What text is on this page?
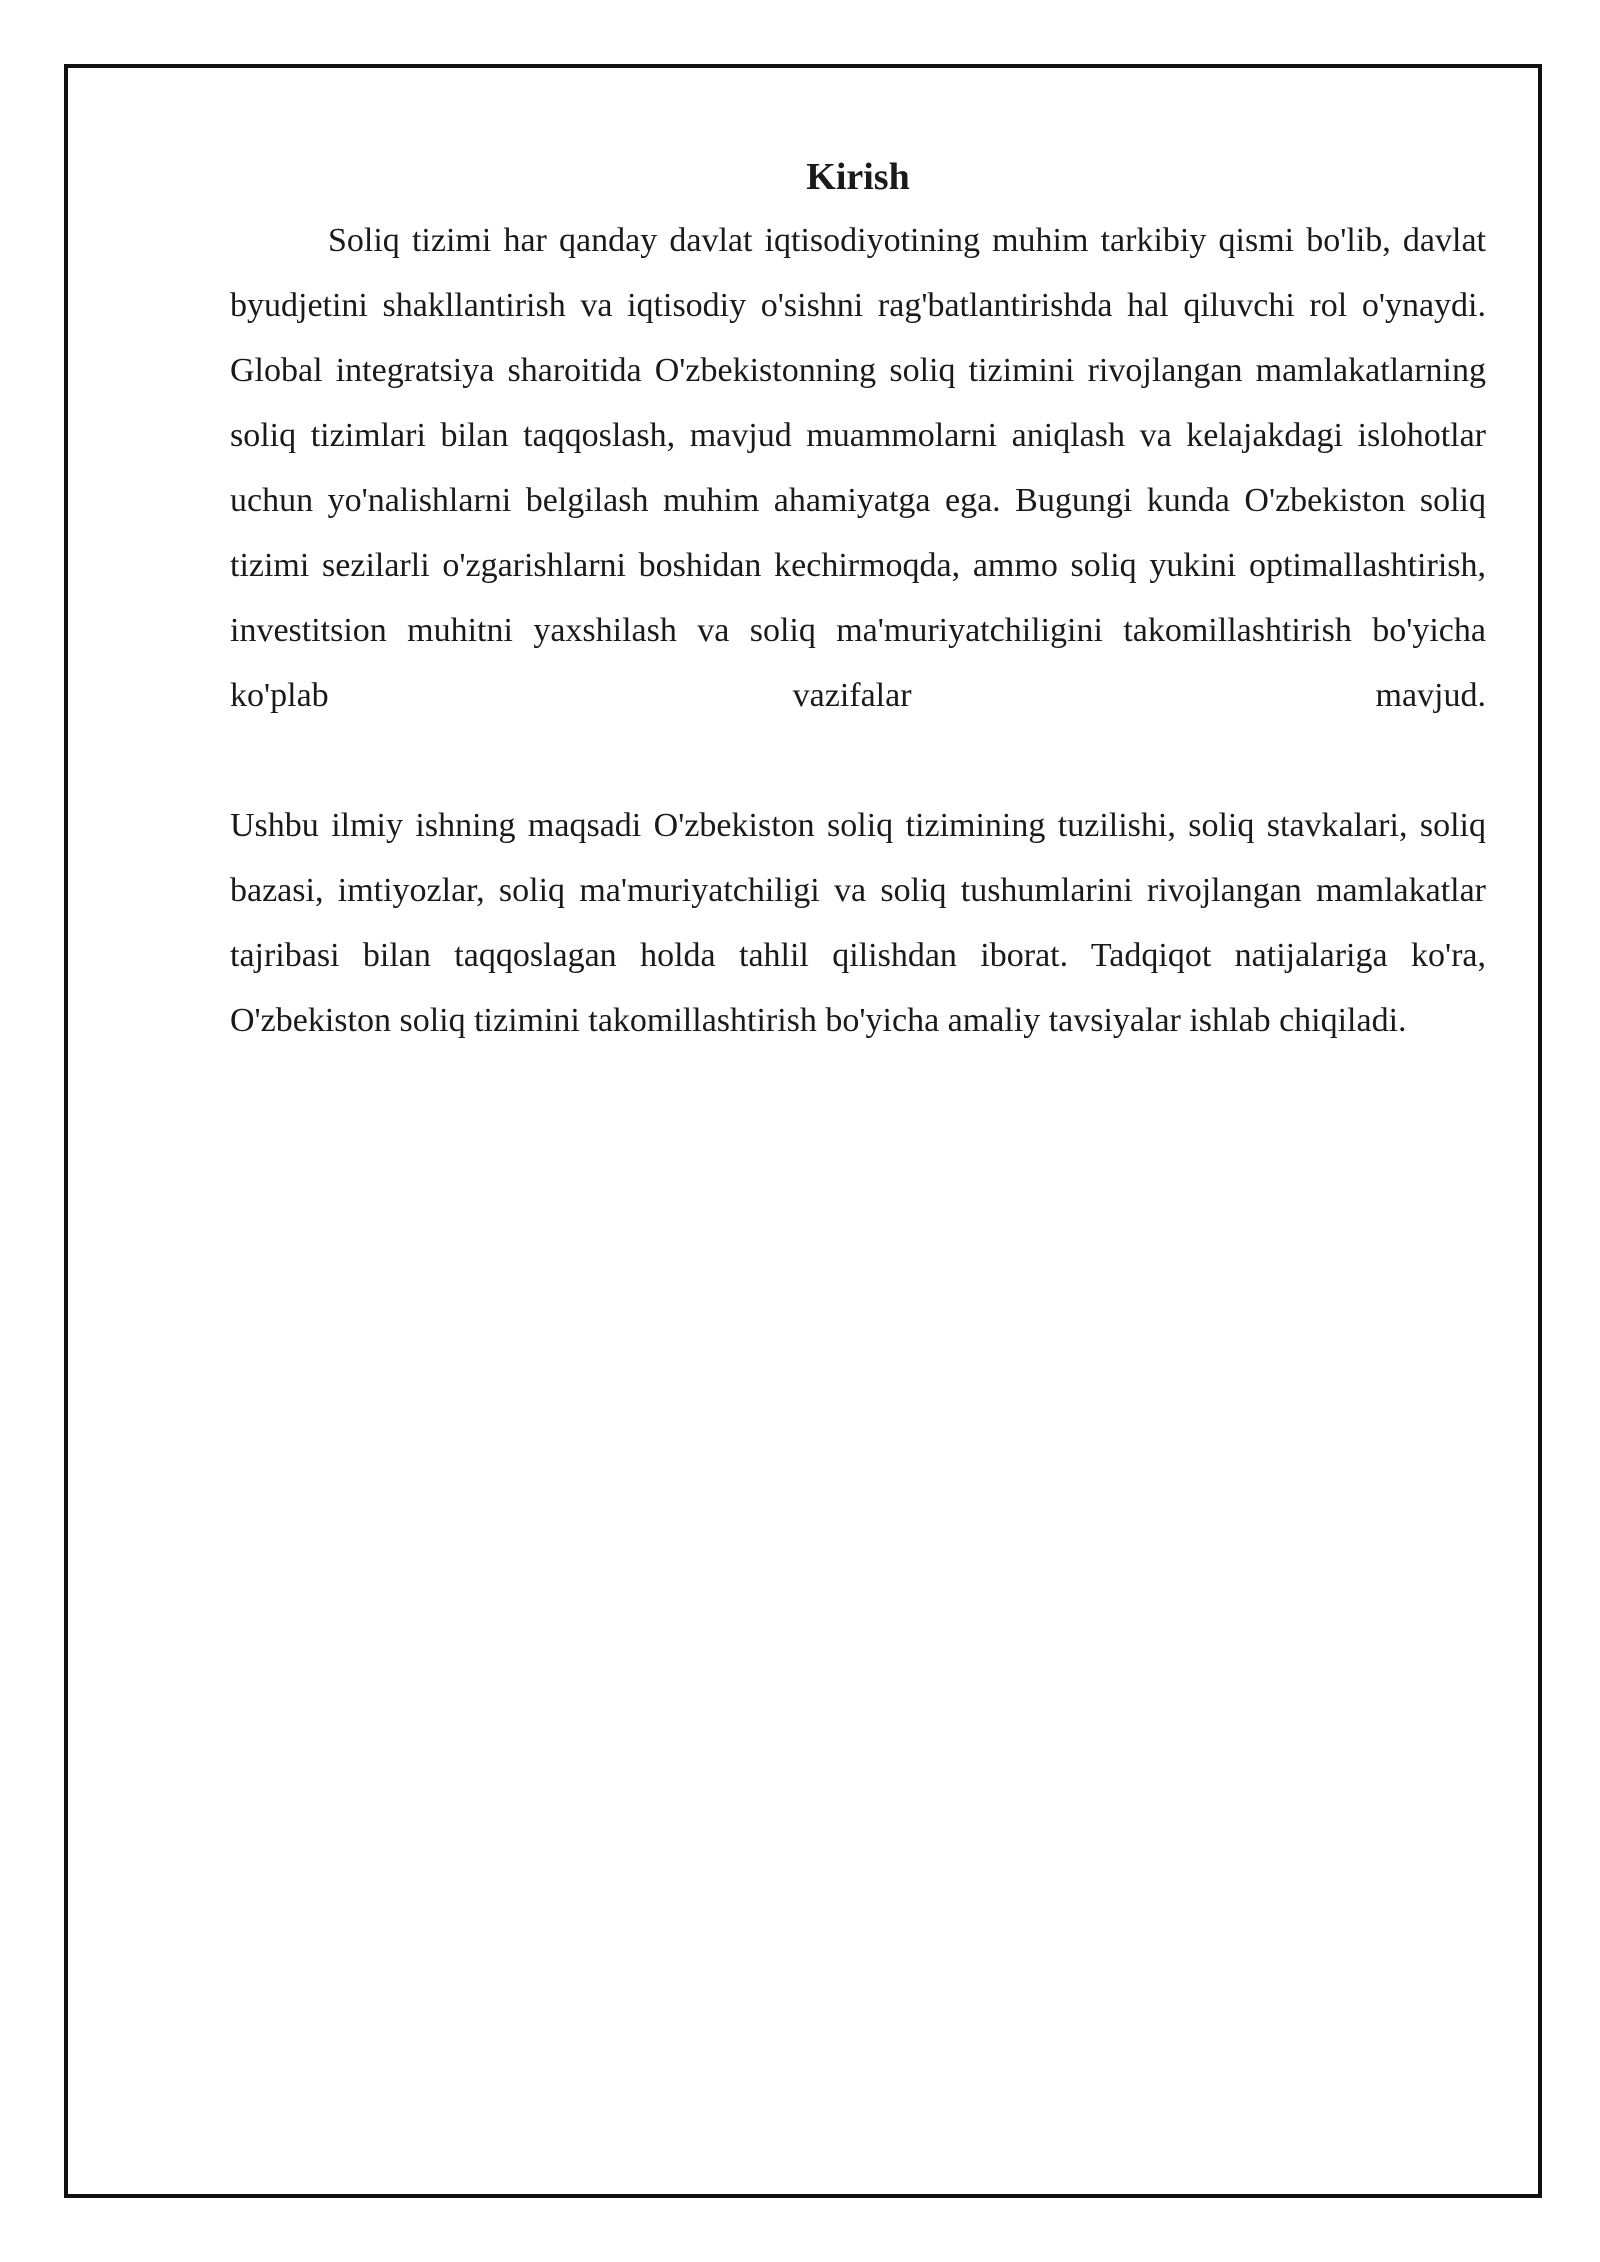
Kirish

Soliq tizimi har qanday davlat iqtisodiyotining muhim tarkibiy qismi bo'lib, davlat byudjetini shakllantirish va iqtisodiy o'sishni rag'batlantirishda hal qiluvchi rol o'ynaydi. Global integratsiya sharoitida O'zbekistonning soliq tizimini rivojlangan mamlakatlarning soliq tizimlari bilan taqqoslash, mavjud muammolarni aniqlash va kelajakdagi islohotlar uchun yo'nalishlarni belgilash muhim ahamiyatga ega. Bugungi kunda O'zbekiston soliq tizimi sezilarli o'zgarishlarni boshidan kechirmoqda, ammo soliq yukini optimallashtirish, investitsion muhitni yaxshilash va soliq ma'muriyatchiligini takomillashtirish bo'yicha ko'plab vazifalar mavjud.

Ushbu ilmiy ishning maqsadi O'zbekiston soliq tizimining tuzilishi, soliq stavkalari, soliq bazasi, imtiyozlar, soliq ma'muriyatchiligi va soliq tushumlarini rivojlangan mamlakatlar tajribasi bilan taqqoslagan holda tahlil qilishdan iborat. Tadqiqot natijalariga ko'ra, O'zbekiston soliq tizimini takomillashtirish bo'yicha amaliy tavsiyalar ishlab chiqiladi.
